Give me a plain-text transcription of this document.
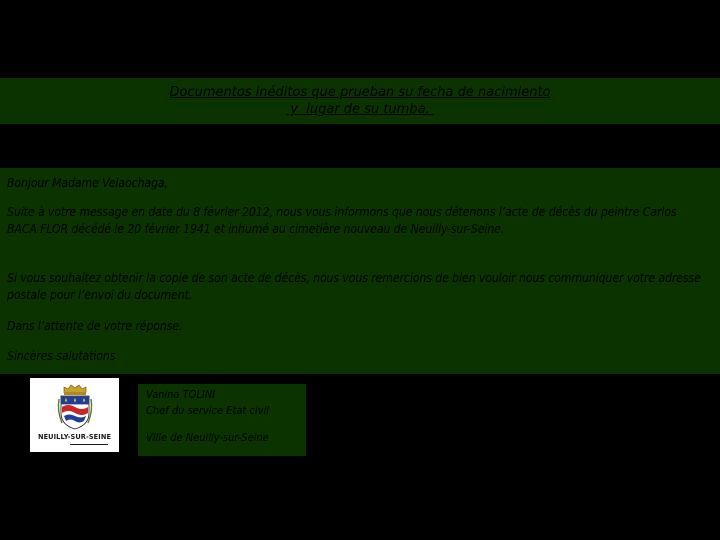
Documentos inéditos que prueban su fecha de nacimiento
y  lugar de su tumba.

Bonjour Madame Velaochaga,

Suite à votre message en date du 8 février 2012, nous vous informons que nous détenons l’acte de décès du peintre Carlos BACA FLOR décédé le 20 février 1941 et inhumé au cimetière nouveau de Neuilly-sur-Seine.

Si vous souhaitez obtenir la copie de son acte de décès, nous vous remercions de bien vouloir nous communiquer votre adresse postale pour l’envoi du document.

Dans l’attente de votre réponse.

Sincères salutations

NEUILLY-SUR-SEINE
Vanina TOLINI
Chef du service Etat civil
Ville de Neuilly-sur-Seine
